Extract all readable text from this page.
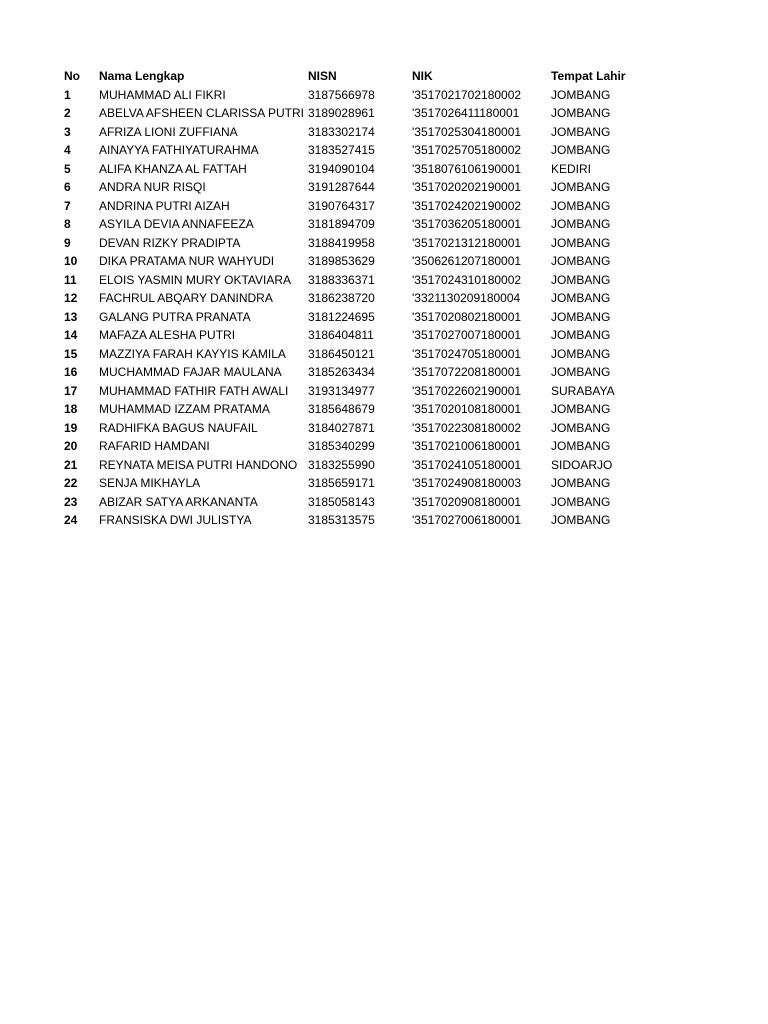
No	Nama Lengkap	NISN	NIK	Tempat Lahir
1	MUHAMMAD ALI FIKRI	3187566978	'3517021702180002	JOMBANG
2	ABELVA AFSHEEN CLARISSA PUTRI	3189028961	'3517026411180001	JOMBANG
3	AFRIZA LIONI ZUFFIANA	3183302174	'3517025304180001	JOMBANG
4	AINAYYA FATHIYATURAHMA	3183527415	'3517025705180002	JOMBANG
5	ALIFA KHANZA AL FATTAH	3194090104	'3518076106190001	KEDIRI
6	ANDRA NUR RISQI	3191287644	'3517020202190001	JOMBANG
7	ANDRINA PUTRI AIZAH	3190764317	'3517024202190002	JOMBANG
8	ASYILA DEVIA ANNAFEEZA	3181894709	'3517036205180001	JOMBANG
9	DEVAN RIZKY PRADIPTA	3188419958	'3517021312180001	JOMBANG
10	DIKA PRATAMA NUR WAHYUDI	3189853629	'3506261207180001	JOMBANG
11	ELOIS YASMIN MURY OKTAVIARA	3188336371	'3517024310180002	JOMBANG
12	FACHRUL ABQARY DANINDRA	3186238720	'3321130209180004	JOMBANG
13	GALANG PUTRA PRANATA	3181224695	'3517020802180001	JOMBANG
14	MAFAZA ALESHA PUTRI	3186404811	'3517027007180001	JOMBANG
15	MAZZIYA FARAH KAYYIS KAMILA	3186450121	'3517024705180001	JOMBANG
16	MUCHAMMAD FAJAR MAULANA	3185263434	'3517072208180001	JOMBANG
17	MUHAMMAD FATHIR FATH AWALI	3193134977	'3517022602190001	SURABAYA
18	MUHAMMAD IZZAM PRATAMA	3185648679	'3517020108180001	JOMBANG
19	RADHIFKA BAGUS NAUFAIL	3184027871	'3517022308180002	JOMBANG
20	RAFARID HAMDANI	3185340299	'3517021006180001	JOMBANG
21	REYNATA MEISA PUTRI HANDONO	3183255990	'3517024105180001	SIDOARJO
22	SENJA MIKHAYLA	3185659171	'3517024908180003	JOMBANG
23	ABIZAR SATYA ARKANANTA	3185058143	'3517020908180001	JOMBANG
24	FRANSISKA DWI JULISTYA	3185313575	'3517027006180001	JOMBANG
